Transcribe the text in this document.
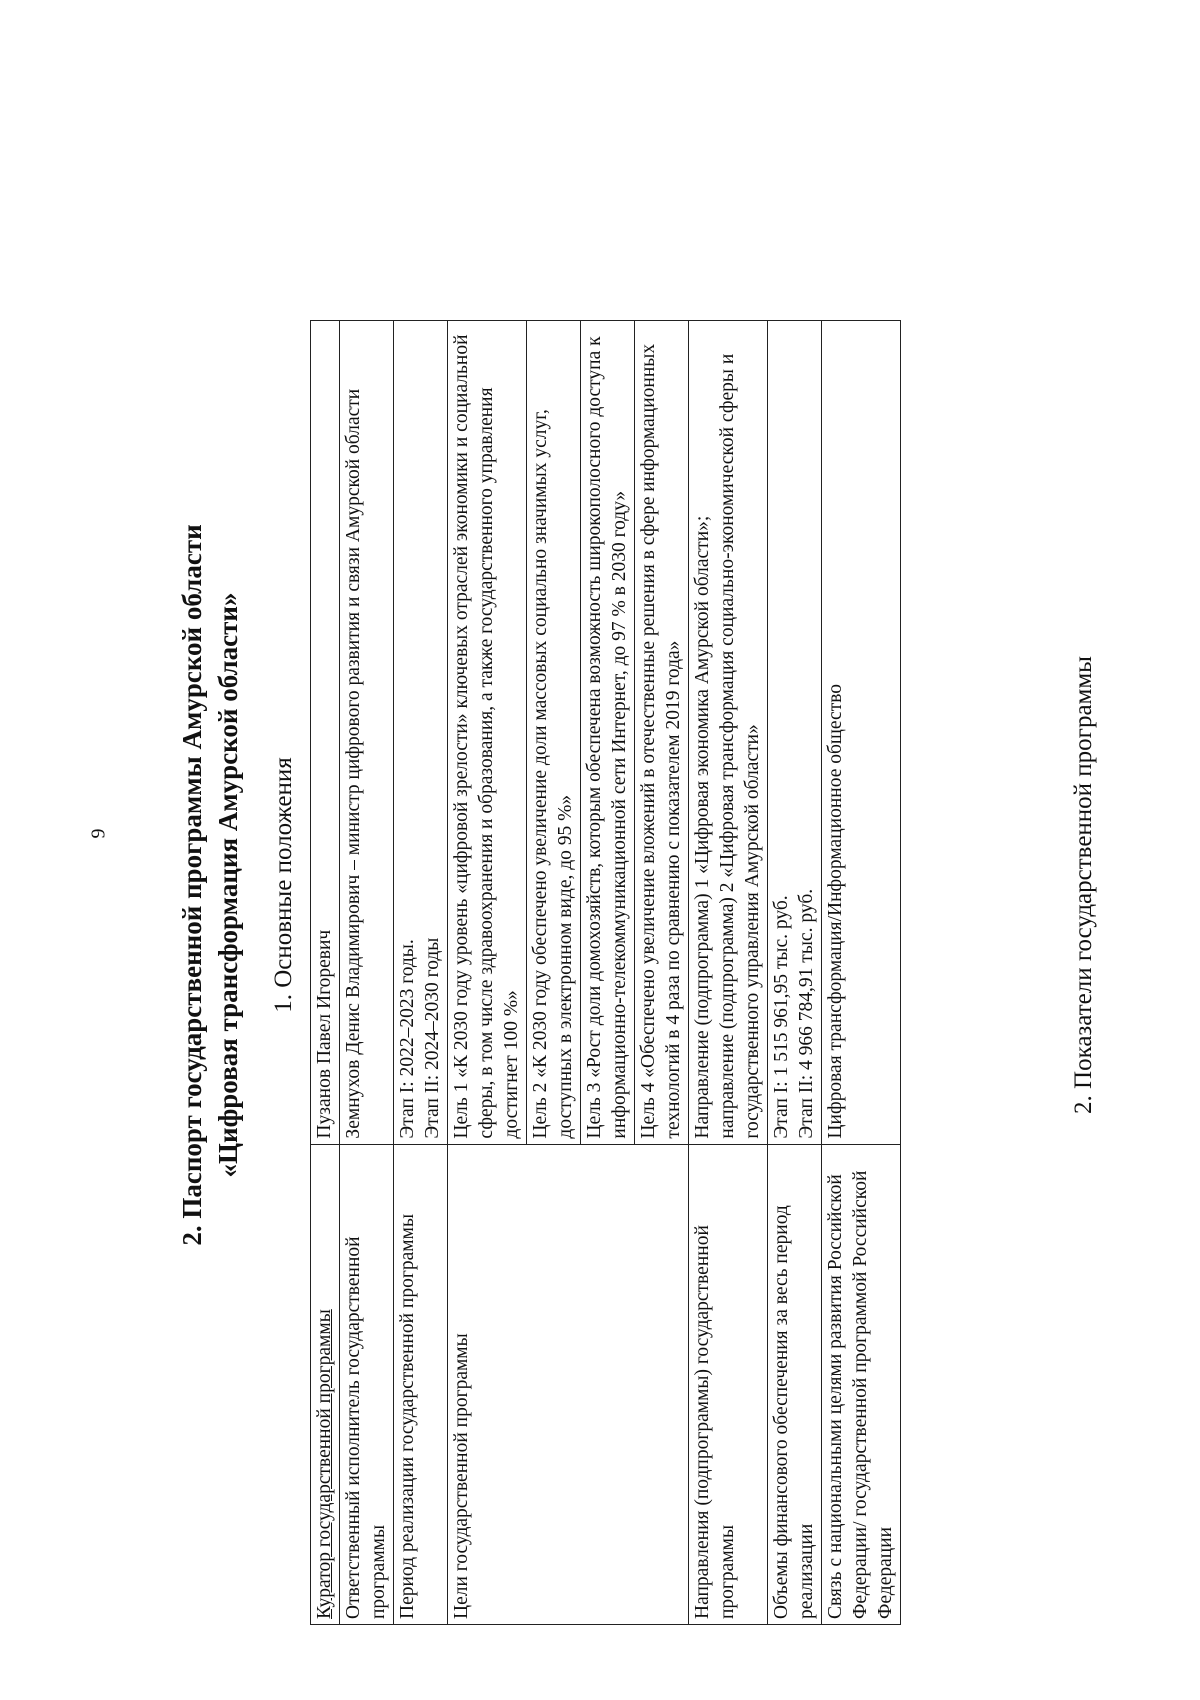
9	2. Паспорт государственной программы Амурской области «Цифровая трансформация Амурской области» 1. Основные положения
Куратор государственной программы	Пузанов Павел Игоревич
Ответственный исполнитель государственной программы	Земнухов Денис Владимирович – министр цифрового развития и связи Амурской области
Период реализации государственной программы	Этап I: 2022–2023 годы. Этап II: 2024–2030 годы

Цели государственной программы	Цель 1 «К 2030 году уровень «цифровой зрелости» ключевых отраслей экономики и социальной сферы, в том числе здравоохранения и образования, а также государственного управления достигнет 100 %»
	Цель 2 «К 2030 году обеспечено увеличение доли массовых социально значимых услуг, доступных в электронном виде, до 95 %»
	Цель 3 «Рост доли домохозяйств, которым обеспечена возможность широкополосного доступа к информационно-телекоммуникационной сети Интернет, до 97 % в 2030 году»
	Цель 4 «Обеспечено увеличение вложений в отечественные решения в сфере информационных технологий в 4 раза по сравнению с показателем 2019 года»
Направления (подпрограммы) государственной программы	Направление (подпрограмма) 1 «Цифровая экономика Амурской области»; направление (подпрограмма) 2 «Цифровая трансформация социально-экономической сферы и государственного управления Амурской области»

Объемы финансового обеспечения за весь период реализации	Этап I: 1 515 961,95 тыс. руб. Этап II: 4 966 784,91 тыс. руб.

Связь с национальными целями развития Российской Федерации/ государственной программой Российской Федерации	Цифровая трансформация/Информационное общество	2. Показатели государственной программы
